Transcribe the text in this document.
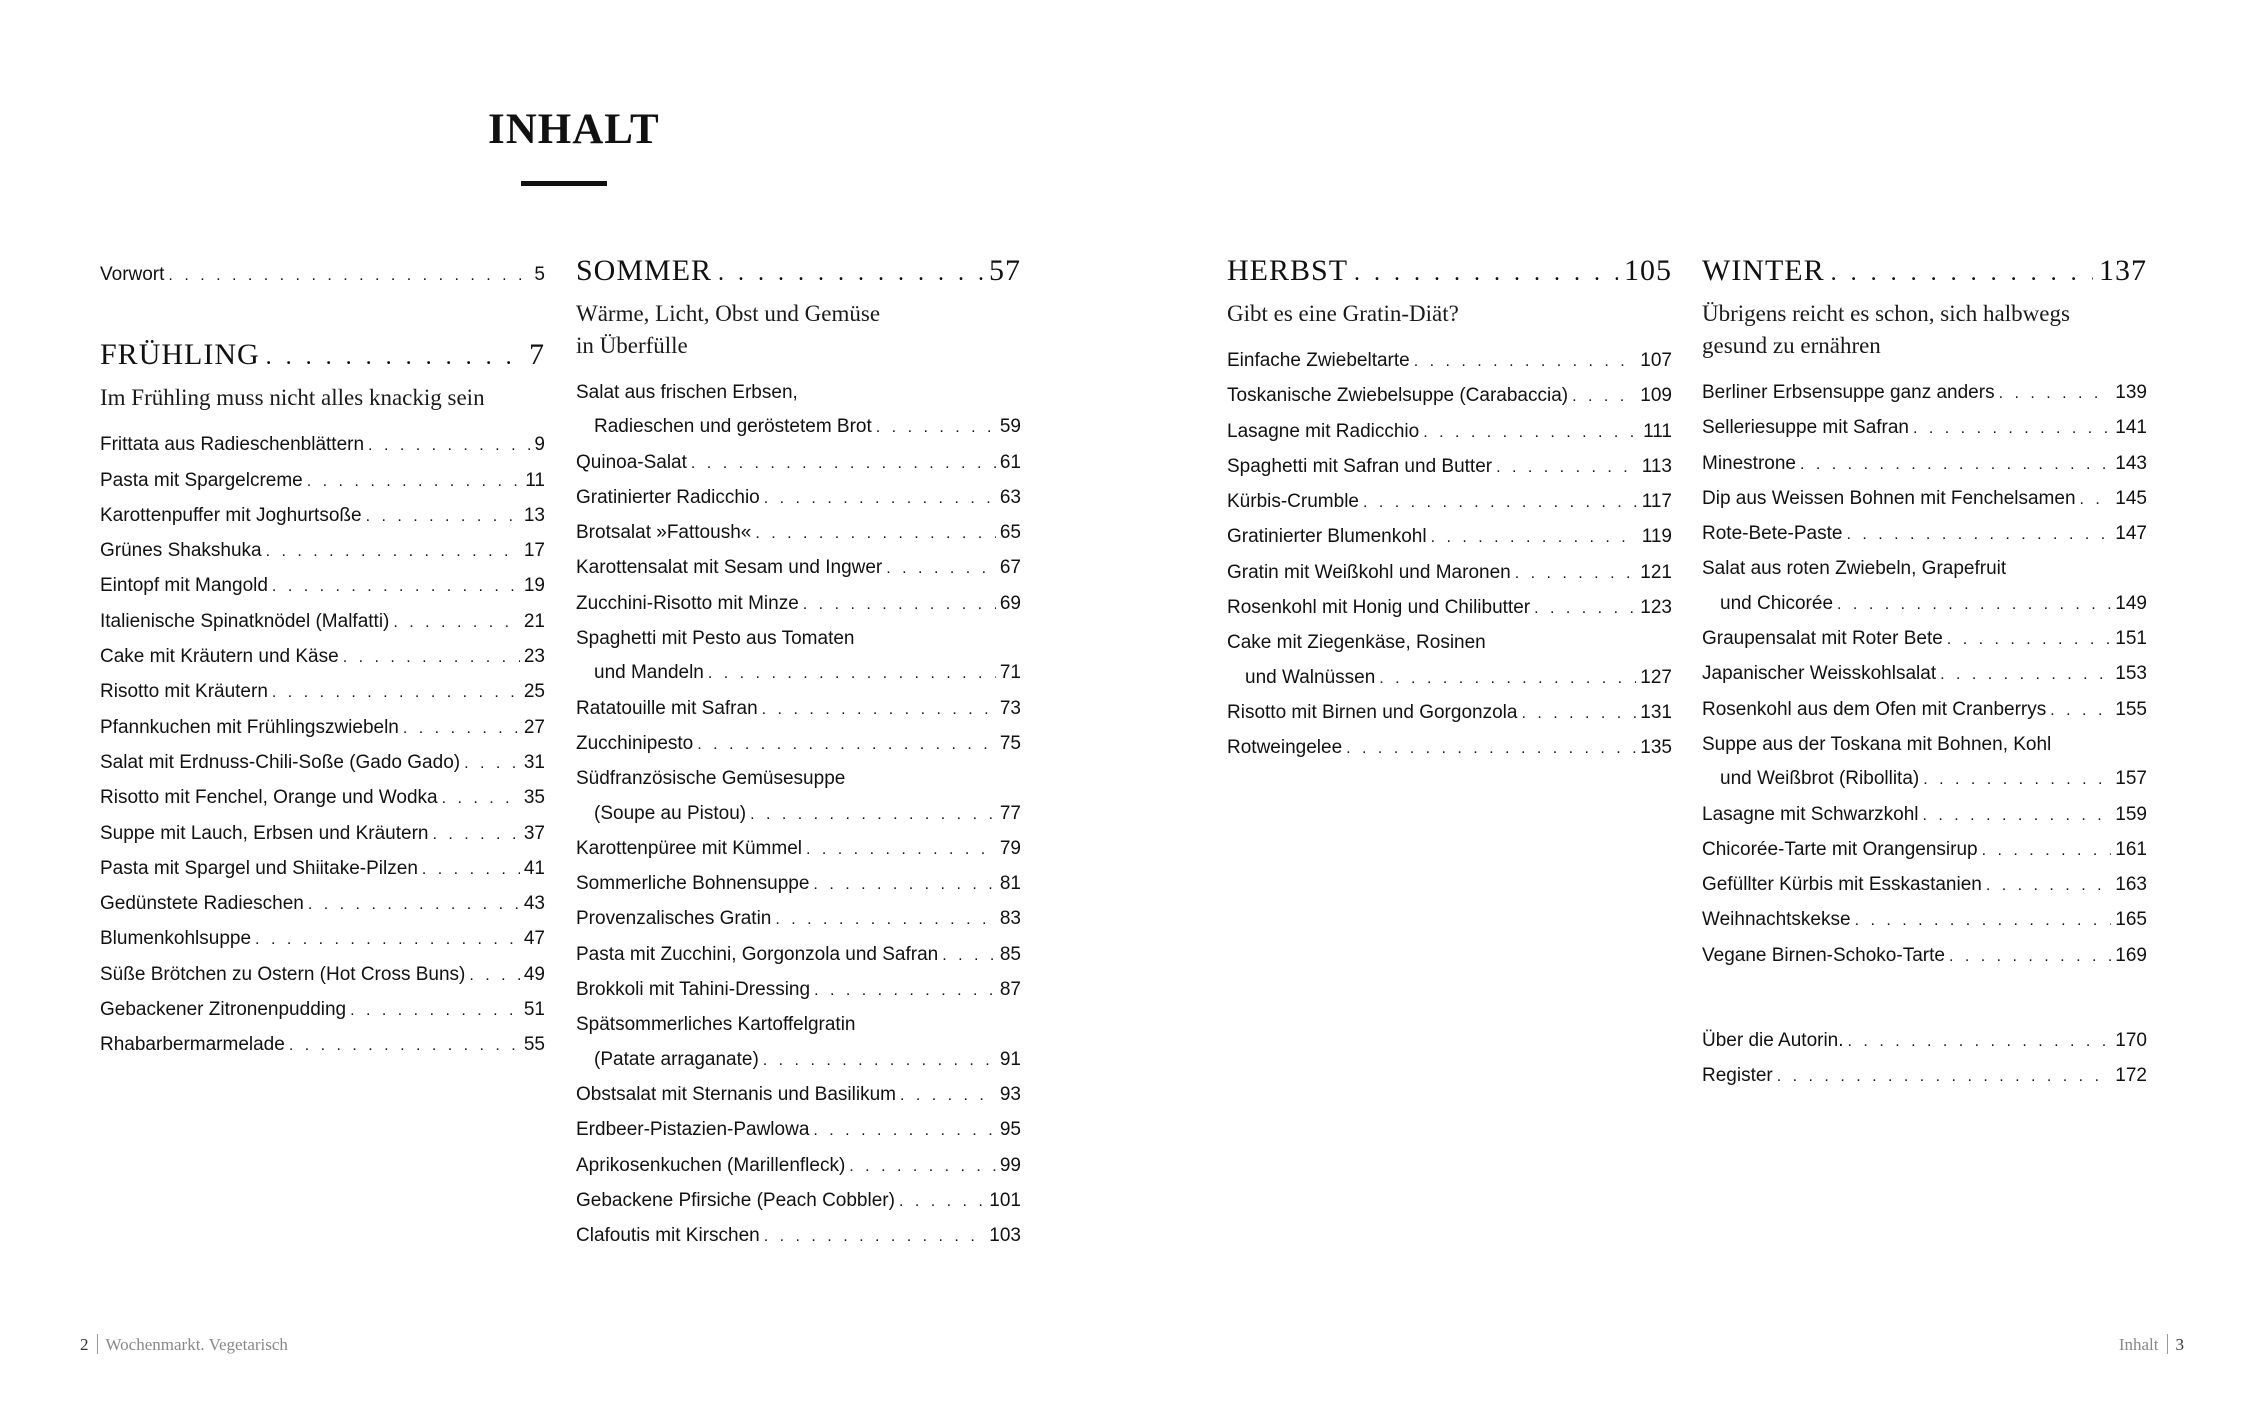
INHALT
Vorwort . . .	5
FRÜHLING . . .	7
Im Frühling muss nicht alles knackig sein
Frittata aus Radieschenblättern . . .	9
Pasta mit Spargelcreme . . .	11
Karottenpuffer mit Joghurtsoße . . .	13
Grünes Shakshuka . . .	17
Eintopf mit Mangold . . .	19
Italienische Spinatknödel (Malfatti) . . .	21
Cake mit Kräutern und Käse . . .	23
Risotto mit Kräutern . . .	25
Pfannkuchen mit Frühlingszwiebeln . . .	27
Salat mit Erdnuss-Chili-Soße (Gado Gado) . . .	31
Risotto mit Fenchel, Orange und Wodka . . .	35
Suppe mit Lauch, Erbsen und Kräutern . . .	37
Pasta mit Spargel und Shiitake-Pilzen . . .	41
Gedünstete Radieschen . . .	43
Blumenkohlsuppe . . .	47
Süße Brötchen zu Ostern (Hot Cross Buns) . . .	49
Gebackener Zitronenpudding . . .	51
Rhabarbermarmelade . . .	55
SOMMER . . .	57
Wärme, Licht, Obst und Gemüse
in Überfülle
Salat aus frischen Erbsen,
Radieschen und geröstetem Brot . . .	59
Quinoa-Salat . . .	61
Gratinierter Radicchio . . .	63
Brotsalat »Fattoush« . . .	65
Karottensalat mit Sesam und Ingwer . . .	67
Zucchini-Risotto mit Minze . . .	69
Spaghetti mit Pesto aus Tomaten
und Mandeln . . .	71
Ratatouille mit Safran . . .	73
Zucchinipesto . . .	75
Südfranzösische Gemüsesuppe
(Soupe au Pistou) . . .	77
Karottenpüree mit Kümmel . . .	79
Sommerliche Bohnensuppe . . .	81
Provenzalisches Gratin . . .	83
Pasta mit Zucchini, Gorgonzola und Safran . . .	85
Brokkoli mit Tahini-Dressing . . .	87
Spätsommerliches Kartoffelgratin
(Patate arraganate) . . .	91
Obstsalat mit Sternanis und Basilikum . . .	93
Erdbeer-Pistazien-Pawlowa . . .	95
Aprikosenkuchen (Marillenfleck) . . .	99
Gebackene Pfirsiche (Peach Cobbler) . . .	101
Clafoutis mit Kirschen . . .	103
HERBST . . .	105
Gibt es eine Gratin-Diät?
Einfache Zwiebeltarte . . .	107
Toskanische Zwiebelsuppe (Carabaccia) . . .	109
Lasagne mit Radicchio . . .	111
Spaghetti mit Safran und Butter . . .	113
Kürbis-Crumble . . .	117
Gratinierter Blumenkohl . . .	119
Gratin mit Weißkohl und Maronen . . .	121
Rosenkohl mit Honig und Chilibutter . . .	123
Cake mit Ziegenkäse, Rosinen
und Walnüssen . . .	127
Risotto mit Birnen und Gorgonzola . . .	131
Rotweingelee . . .	135
WINTER . . .	137
Übrigens reicht es schon, sich halbwegs
gesund zu ernähren
Berliner Erbsensuppe ganz anders . . .	139
Selleriesuppe mit Safran . . .	141
Minestrone . . .	143
Dip aus Weissen Bohnen mit Fenchelsamen . . . 145
Rote-Bete-Paste . . .	147
Salat aus roten Zwiebeln, Grapefruit
und Chicorée . . .	149
Graupensalat mit Roter Bete . . .	151
Japanischer Weisskohlsalat . . .	153
Rosenkohl aus dem Ofen mit Cranberrys . . .	155
Suppe aus der Toskana mit Bohnen, Kohl
und Weißbrot (Ribollita) . . .	157
Lasagne mit Schwarzkohl . . .	159
Chicorée-Tarte mit Orangensirup . . .	161
Gefüllter Kürbis mit Esskastanien . . .	163
Weihnachtskekse . . .	165
Vegane Birnen-Schoko-Tarte . . .	169
Über die Autorin. . . .	170
Register . . .	172
2 Wochenmarkt. Vegetarisch	Inhalt 3
